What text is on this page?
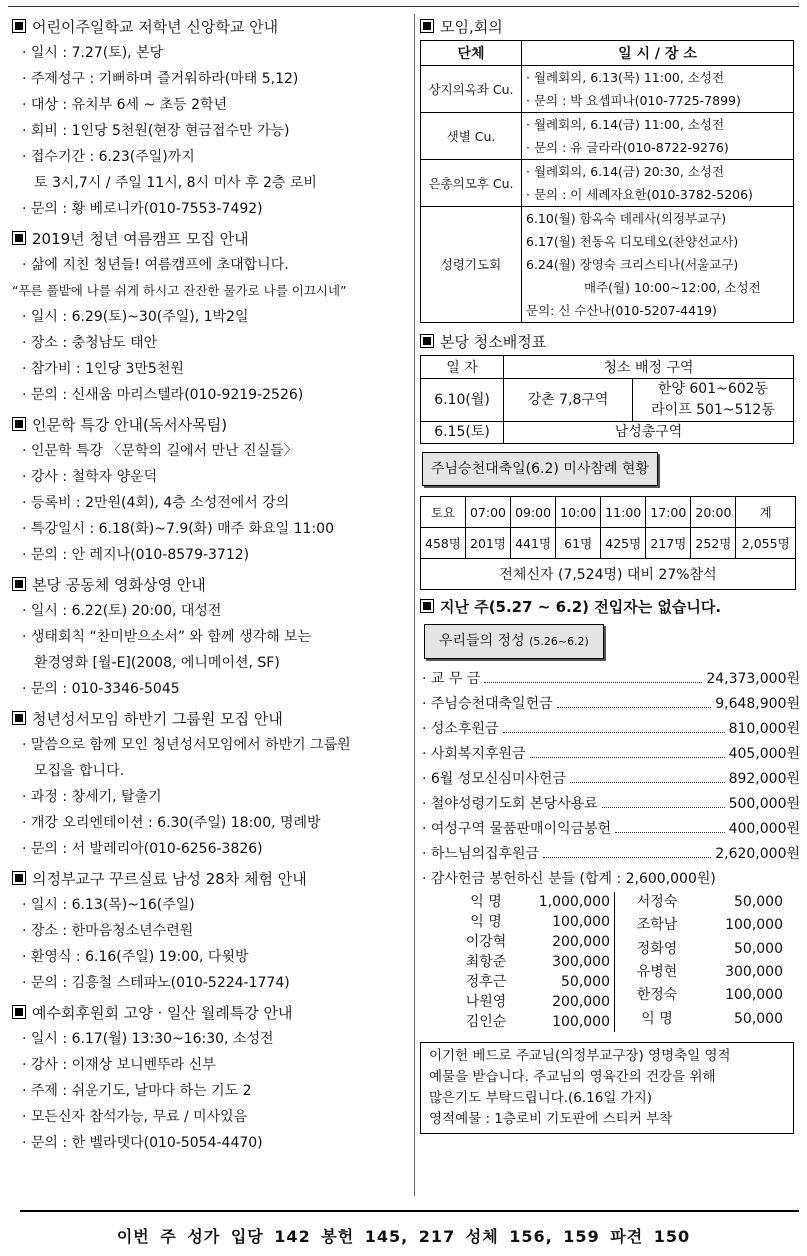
어린이주일학교 저학년 신앙학교 안내
· 일시 : 7.27(토), 본당
· 주제성구 : 기뻐하며 즐거워하라(마태 5,12)
· 대상 : 유치부 6세 ~ 초등 2학년
· 회비 : 1인당 5천원(현장 현금접수만 가능)
· 접수기간 : 6.23(주일)까지
토 3시,7시 / 주일 11시, 8시 미사 후 2층 로비
· 문의 : 황 베로니카(010-7553-7492)
2019년 청년 여름캠프 모집 안내
· 삶에 지친 청년들! 여름캠프에 초대합니다.
“푸른 풀밭에 나를 쉬게 하시고 잔잔한 물가로 나를 이끄시네”
· 일시 : 6.29(토)~30(주일), 1박2일
· 장소 : 충청남도 태안
· 참가비 : 1인당 3만5천원
· 문의 : 신새움 마리스텔라(010-9219-2526)
인문학 특강 안내(독서사목팀)
· 인문학 특강 〈문학의 길에서 만난 진실들〉
· 강사 : 철학자 양운덕
· 등록비 : 2만원(4회), 4층 소성전에서 강의
· 특강일시 : 6.18(화)~7.9(화) 매주 화요일 11:00
· 문의 : 안 레지나(010-8579-3712)
본당 공동체 영화상영 안내
· 일시 : 6.22(토) 20:00, 대성전
· 생태회칙 “찬미받으소서” 와 함께 생각해 보는
환경영화 [월-E](2008, 에니메이션, SF)
· 문의 : 010-3346-5045
청년성서모임 하반기 그룹원 모집 안내
· 말씀으로 함께 모인 청년성서모임에서 하반기 그룹원
모집을 합니다.
· 과정 : 창세기, 탈출기
· 개강 오리엔테이션 : 6.30(주일) 18:00, 명례방
· 문의 : 서 발레리아(010-6256-3826)
의정부교구 꾸르실료 남성 28차 체험 안내
· 일시 : 6.13(목)~16(주일)
· 장소 : 한마음청소년수련원
· 환영식 : 6.16(주일) 19:00, 다윗방
· 문의 : 김흥철 스테파노(010-5224-1774)
예수회후원회 고양 · 일산 월례특강 안내
· 일시 : 6.17(월) 13:30~16:30, 소성전
· 강사 : 이재상 보니벤뚜라 신부
· 주제 : 쉬운기도, 날마다 하는 기도 2
· 모든신자 참석가능, 무료 / 미사있음
· 문의 : 한 벨라뎃다(010-5054-4470)
모임,회의
단체	일 시 / 장 소
상지의옥좌 Cu.	· 월례회의, 6.13(목) 11:00, 소성전
· 문의 : 박 요셉피나(010-7725-7899)

샛별 Cu.	· 월례회의, 6.14(금) 11:00, 소성전
· 문의 : 유 글라라(010-8722-9276)

은총의모후 Cu.	· 월례회의, 6.14(금) 20:30, 소성전
· 문의 : 이 세례자요한(010-3782-5206)

성령기도회	6.10(월) 함옥숙 데레사(의정부교구)
6.17(월) 천동옥 디모테오(찬양선교사)
6.24(월) 장영숙 크리스티나(서울교구)
매주(월) 10:00~12:00, 소성전
문의: 신 수산나(010-5207-4419)
본당 청소배정표
일 자	청소 배정 구역	
6.10(월)	강촌 7,8구역	한양 601~602동
		라이프 501~512동
6.15(토)	남성총구역	
주님승천대축일(6.2) 미사참례 현황
토요	07:00	09:00	10:00	11:00	17:00	20:00	계
458명	201명	441명	61명	425명	217명	252명	2,055명
전체신자 (7,524명) 대비 27%참석							
지난 주(5.27 ~ 6.2) 전입자는 없습니다.
우리들의 정성 (5.26~6.2)
· 교 무 금	24,373,000원
· 주님승천대축일헌금	9,648,900원
· 성소후원금	810,000원
· 사회복지후원금	405,000원
· 6월 성모신심미사헌금	892,000원
· 철야성령기도회 본당사용료	500,000원
· 여성구역 물품판매이익금봉헌	400,000원
· 하느님의집후원금	2,620,000원
· 감사헌금 봉헌하신 분들 (합계 : 2,600,000원)
익 명	1,000,000
익 명	100,000
이강혁	200,000
최항준	300,000
정후근	50,000
나원영	200,000
김인순	100,000
서정숙	50,000
조학남	100,000
정화영	50,000
유병현	300,000
한정숙	100,000
익 명	50,000
이기헌 베드로 주교님(의정부교구장) 영명축일 영적
예물을 받습니다. 주교님의 영육간의 건강을 위해
많은기도 부탁드립니다.(6.16일 가지)
영적예물 : 1층로비 기도판에 스티커 부착
이번 주 성가 입당 142 봉헌 145, 217 성체 156, 159 파견 150
